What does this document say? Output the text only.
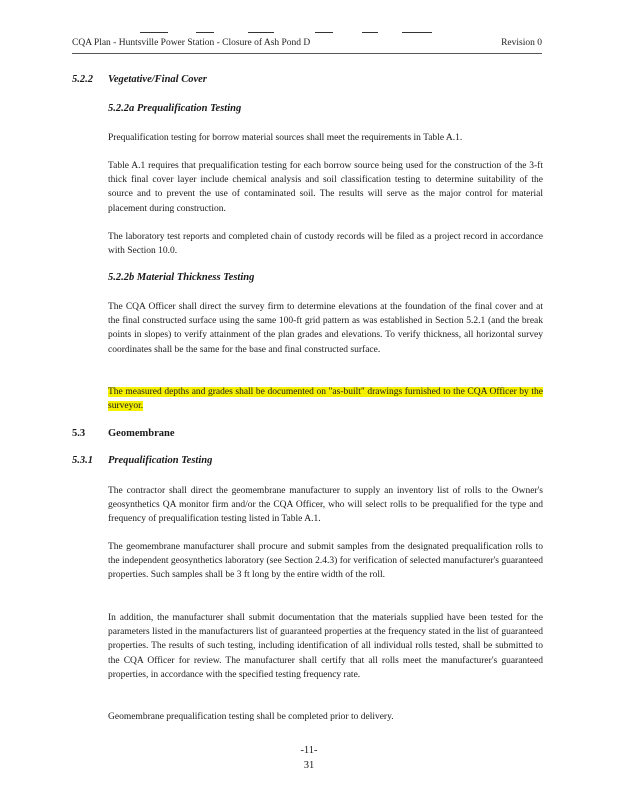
CQA Plan - Huntsville Power Station - Closure of Ash Pond D	Revision 0
5.2.2 Vegetative/Final Cover
5.2.2a Prequalification Testing
Prequalification testing for borrow material sources shall meet the requirements in Table A.1.
Table A.1 requires that prequalification testing for each borrow source being used for the construction of the 3-ft thick final cover layer include chemical analysis and soil classification testing to determine suitability of the source and to prevent the use of contaminated soil. The results will serve as the major control for material placement during construction.
The laboratory test reports and completed chain of custody records will be filed as a project record in accordance with Section 10.0.
5.2.2b Material Thickness Testing
The CQA Officer shall direct the survey firm to determine elevations at the foundation of the final cover and at the final constructed surface using the same 100-ft grid pattern as was established in Section 5.2.1 (and the break points in slopes) to verify attainment of the plan grades and elevations. To verify thickness, all horizontal survey coordinates shall be the same for the base and final constructed surface.
The measured depths and grades shall be documented on "as-built" drawings furnished to the CQA Officer by the surveyor.
5.3 Geomembrane
5.3.1 Prequalification Testing
The contractor shall direct the geomembrane manufacturer to supply an inventory list of rolls to the Owner's geosynthetics QA monitor firm and/or the CQA Officer, who will select rolls to be prequalified for the type and frequency of prequalification testing listed in Table A.1.
The geomembrane manufacturer shall procure and submit samples from the designated prequalification rolls to the independent geosynthetics laboratory (see Section 2.4.3) for verification of selected manufacturer's guaranteed properties. Such samples shall be 3 ft long by the entire width of the roll.
In addition, the manufacturer shall submit documentation that the materials supplied have been tested for the parameters listed in the manufacturers list of guaranteed properties at the frequency stated in the list of guaranteed properties. The results of such testing, including identification of all individual rolls tested, shall be submitted to the CQA Officer for review. The manufacturer shall certify that all rolls meet the manufacturer's guaranteed properties, in accordance with the specified testing frequency rate.
Geomembrane prequalification testing shall be completed prior to delivery.
-11-
31
